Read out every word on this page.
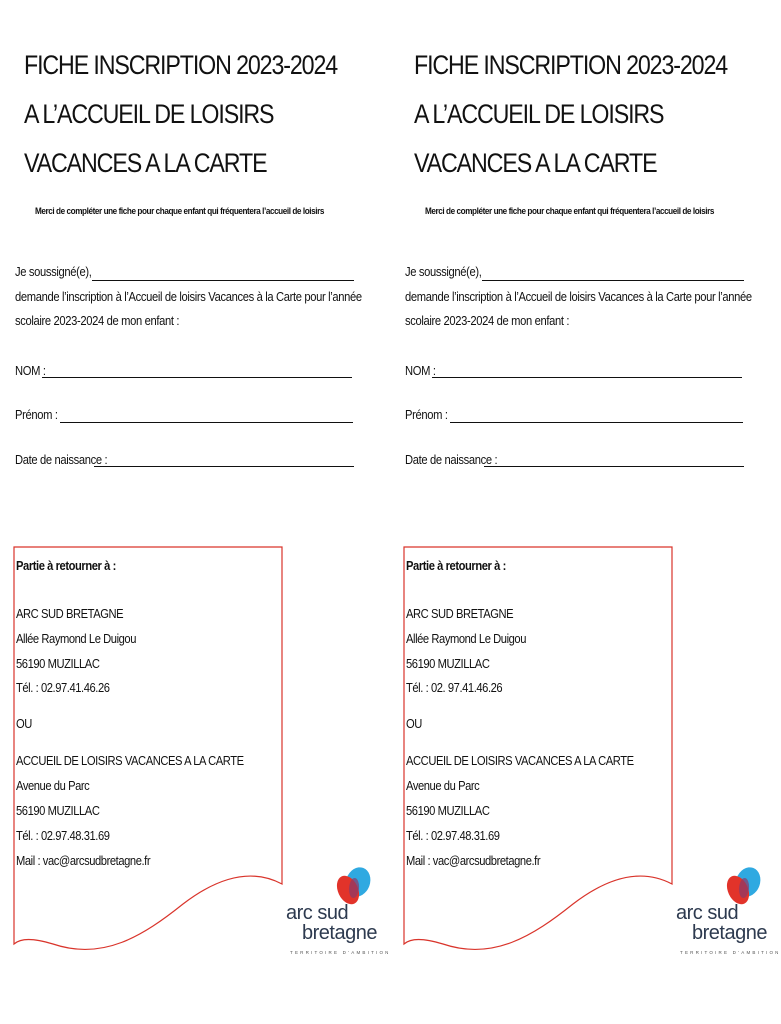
FICHE INSCRIPTION 2023-2024
A L’ACCUEIL DE LOISIRS
VACANCES A LA CARTE
Merci de compléter une fiche pour chaque enfant qui fréquentera l’accueil de loisirs
Je soussigné(e),
demande l’inscription à l’Accueil de loisirs Vacances à la Carte pour l’année
scolaire 2023-2024 de mon enfant :
NOM :
Prénom :
Date de naissance :
Partie à retourner à :
ARC SUD BRETAGNE
Allée Raymond Le Duigou
56190 MUZILLAC
Tél. : 02.97.41.46.26
OU
ACCUEIL DE LOISIRS VACANCES A LA CARTE
Avenue du Parc
56190 MUZILLAC
Tél. : 02.97.48.31.69
Mail : vac@arcsudbretagne.fr
arc sud
bretagne
TERRITOIRE D’AMBITION
FICHE INSCRIPTION 2023-2024
A L’ACCUEIL DE LOISIRS
VACANCES A LA CARTE
Merci de compléter une fiche pour chaque enfant qui fréquentera l’accueil de loisirs
Je soussigné(e),
demande l’inscription à l’Accueil de loisirs Vacances à la Carte pour l’année
scolaire 2023-2024 de mon enfant :
NOM :
Prénom :
Date de naissance :
Partie à retourner à :
ARC SUD BRETAGNE
Allée Raymond Le Duigou
56190 MUZILLAC
Tél. : 02. 97.41.46.26
OU
ACCUEIL DE LOISIRS VACANCES A LA CARTE
Avenue du Parc
56190 MUZILLAC
Tél. : 02.97.48.31.69
Mail : vac@arcsudbretagne.fr
arc sud
bretagne
TERRITOIRE D’AMBITION
